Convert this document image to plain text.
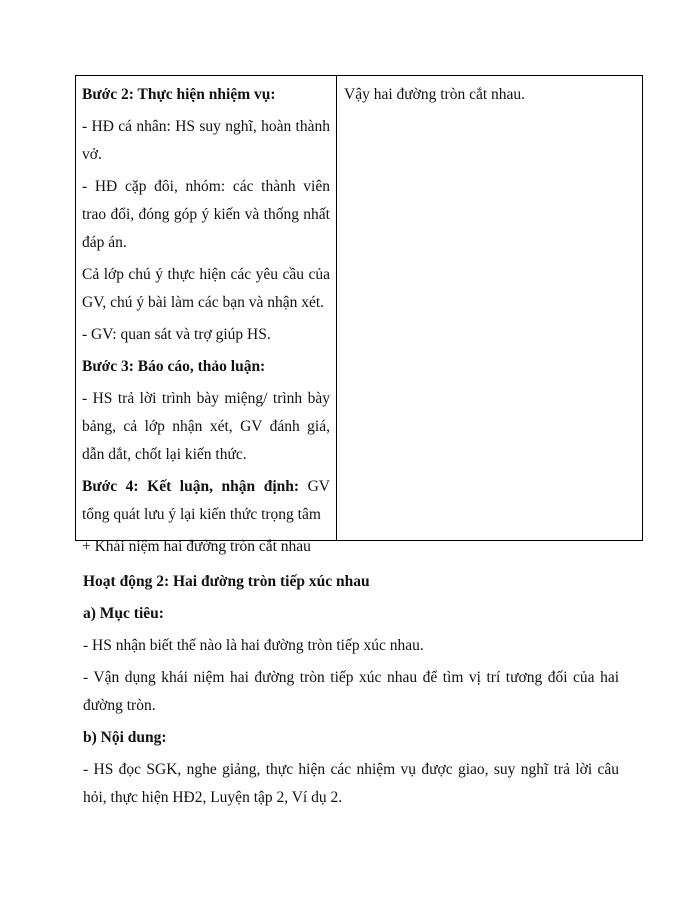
Bước 2: Thực hiện nhiệm vụ:

- HĐ cá nhân: HS suy nghĩ, hoàn thành vở.

- HĐ cặp đôi, nhóm: các thành viên trao đổi, đóng góp ý kiến và thống nhất đáp án.

Cả lớp chú ý thực hiện các yêu cầu của GV, chú ý bài làm các bạn và nhận xét.

- GV: quan sát và trợ giúp HS.

Bước 3: Báo cáo, thảo luận:

- HS trả lời trình bày miệng/ trình bày bảng, cả lớp nhận xét, GV đánh giá, dẫn dắt, chốt lại kiến thức.

Bước 4: Kết luận, nhận định: GV tổng quát lưu ý lại kiến thức trọng tâm

+ Khái niệm hai đường tròn cắt nhau

Vậy hai đường tròn cắt nhau.

Hoạt động 2: Hai đường tròn tiếp xúc nhau

a) Mục tiêu:

- HS nhận biết thế nào là hai đường tròn tiếp xúc nhau.

- Vận dụng khái niệm hai đường tròn tiếp xúc nhau để tìm vị trí tương đối của hai đường tròn.

b) Nội dung:

- HS đọc SGK, nghe giảng, thực hiện các nhiệm vụ được giao, suy nghĩ trả lời câu hỏi, thực hiện HĐ2, Luyện tập 2, Ví dụ 2.
